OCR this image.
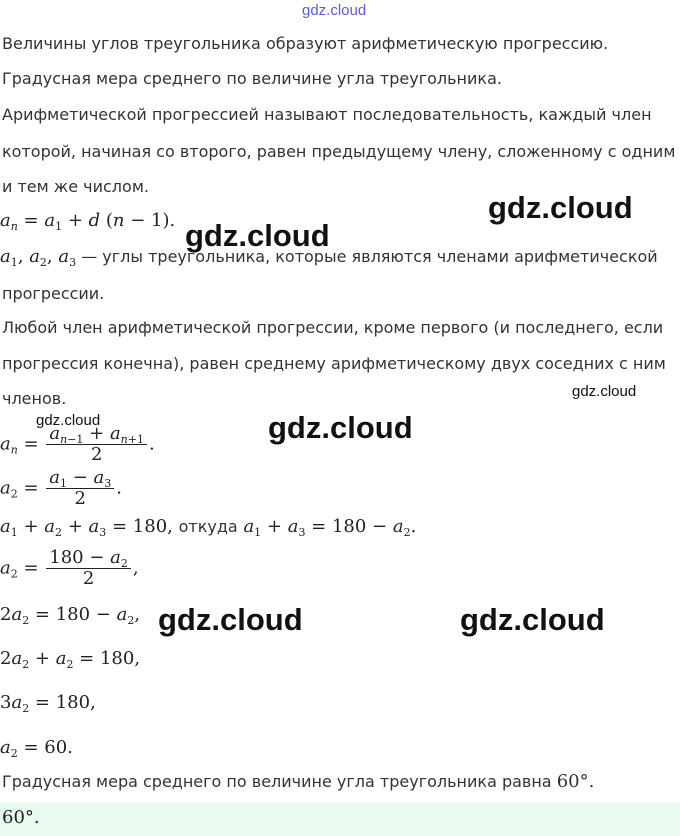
gdz.cloud
Величины углов треугольника образуют арифметическую прогрессию.
Градусная мера среднего по величине угла треугольника.
Арифметической прогрессией называют последовательность, каждый член
которой, начиная со второго, равен предыдущему члену, сложенному с одним
и тем же числом.
$a_n = a_1 + d$ (n − 1).
$a_1$, $a_2$, $a_3$ — углы треугольника, которые являются членами арифметической
прогрессии.
Любой член арифметической прогрессии, кроме первого (и последнего, если
прогрессия конечна), равен среднему арифметическому двух соседних с ним
членов.
$a_n = \frac{a_{n-1} + a_{n+1}}{2}$ .
$a_2 = \frac{a_1 - a_3}{2}$ .
$a_1 + a_2 + a_3 = 180$, откуда $a_1 + a_3 = 180 - a_2$.
$a_2 = \frac{180 - a_2}{2}$ ,
$2a_2 = 180 - a_2$,
$2a_2 + a_2 = 180$,
$3a_2 = 180$,
$a_2 = 60$.
Градусная мера среднего по величине угла треугольника равна 60°.
60°.
gdz.cloud
gdz.cloud
gdz.cloud
gdz.cloud	gdz.cloud
gdz.cloud	gdz.cloud
